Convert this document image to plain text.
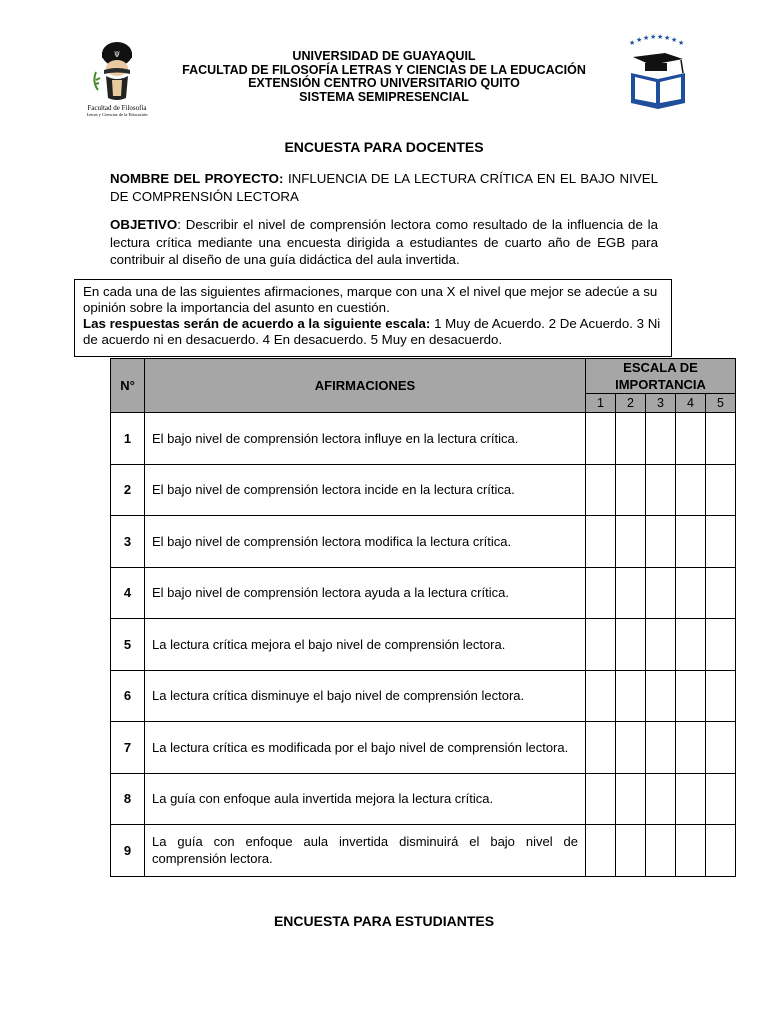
Ψ
Facultad de Filosofía
Letras y Ciencias de la Educación
★ ★ ★ ★ ★ ★ ★ ★
UNIVERSIDAD DE GUAYAQUIL
FACULTAD DE FILOSOFÍA LETRAS Y CIENCIAS DE LA EDUCACIÓN
EXTENSIÓN CENTRO UNIVERSITARIO QUITO
SISTEMA SEMIPRESENCIAL
ENCUESTA PARA DOCENTES
NOMBRE DEL PROYECTO: INFLUENCIA DE LA LECTURA CRÍTICA EN EL BAJO NIVEL DE COMPRENSIÓN LECTORA
OBJETIVO: Describir el nivel de comprensión lectora como resultado de la influencia de la lectura crítica mediante una encuesta dirigida a estudiantes de cuarto año de EGB para contribuir al diseño de una guía didáctica del aula invertida.
En cada una de las siguientes afirmaciones, marque con una X el nivel que mejor se adecúe a su opinión sobre la importancia del asunto en cuestión.
Las respuestas serán de acuerdo a la siguiente escala: 1 Muy de Acuerdo. 2 De Acuerdo. 3 Ni de acuerdo ni en desacuerdo. 4 En desacuerdo. 5 Muy en desacuerdo.
N°	AFIRMACIONES	ESCALA DE IMPORTANCIA				
		1	2	3	4	5
1	El bajo nivel de comprensión lectora influye en la lectura crítica.					
2	El bajo nivel de comprensión lectora incide en la lectura crítica.					
3	El bajo nivel de comprensión lectora modifica la lectura crítica.					
4	El bajo nivel de comprensión lectora ayuda a la lectura crítica.					
5	La lectura crítica mejora el bajo nivel de comprensión lectora.					
6	La lectura crítica disminuye el bajo nivel de comprensión lectora.					
7	La lectura crítica es modificada por el bajo nivel de comprensión lectora.					
8	La guía con enfoque aula invertida mejora la lectura crítica.					
9	La guía con enfoque aula invertida disminuirá el bajo nivel de comprensión lectora.					
ENCUESTA PARA ESTUDIANTES
